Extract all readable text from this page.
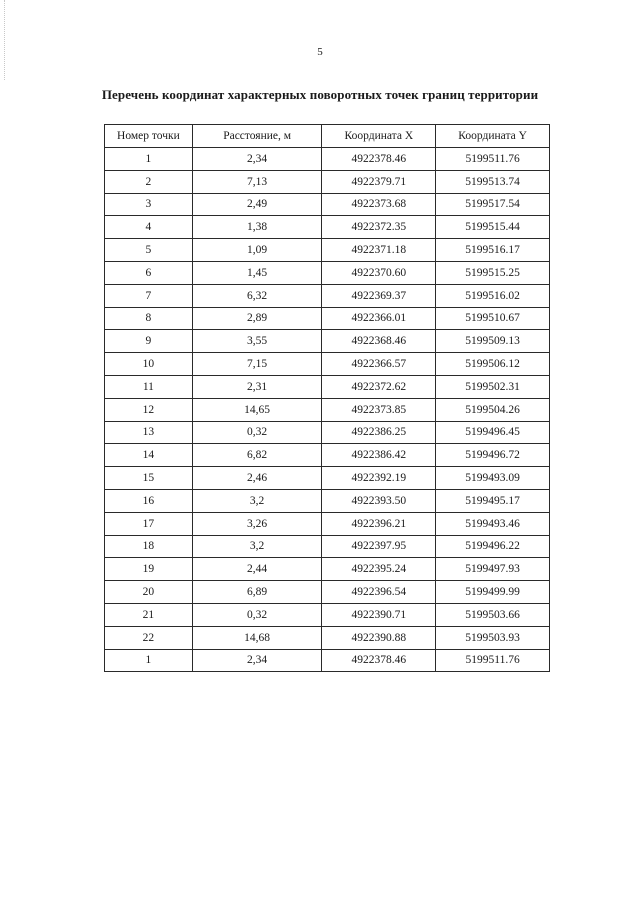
5
Перечень координат характерных поворотных точек границ территории
Номер точки	Расстояние, м	Координата X	Координата Y
1	2,34	4922378.46	5199511.76
2	7,13	4922379.71	5199513.74
3	2,49	4922373.68	5199517.54
4	1,38	4922372.35	5199515.44
5	1,09	4922371.18	5199516.17
6	1,45	4922370.60	5199515.25
7	6,32	4922369.37	5199516.02
8	2,89	4922366.01	5199510.67
9	3,55	4922368.46	5199509.13
10	7,15	4922366.57	5199506.12
11	2,31	4922372.62	5199502.31
12	14,65	4922373.85	5199504.26
13	0,32	4922386.25	5199496.45
14	6,82	4922386.42	5199496.72
15	2,46	4922392.19	5199493.09
16	3,2	4922393.50	5199495.17
17	3,26	4922396.21	5199493.46
18	3,2	4922397.95	5199496.22
19	2,44	4922395.24	5199497.93
20	6,89	4922396.54	5199499.99
21	0,32	4922390.71	5199503.66
22	14,68	4922390.88	5199503.93
1	2,34	4922378.46	5199511.76
